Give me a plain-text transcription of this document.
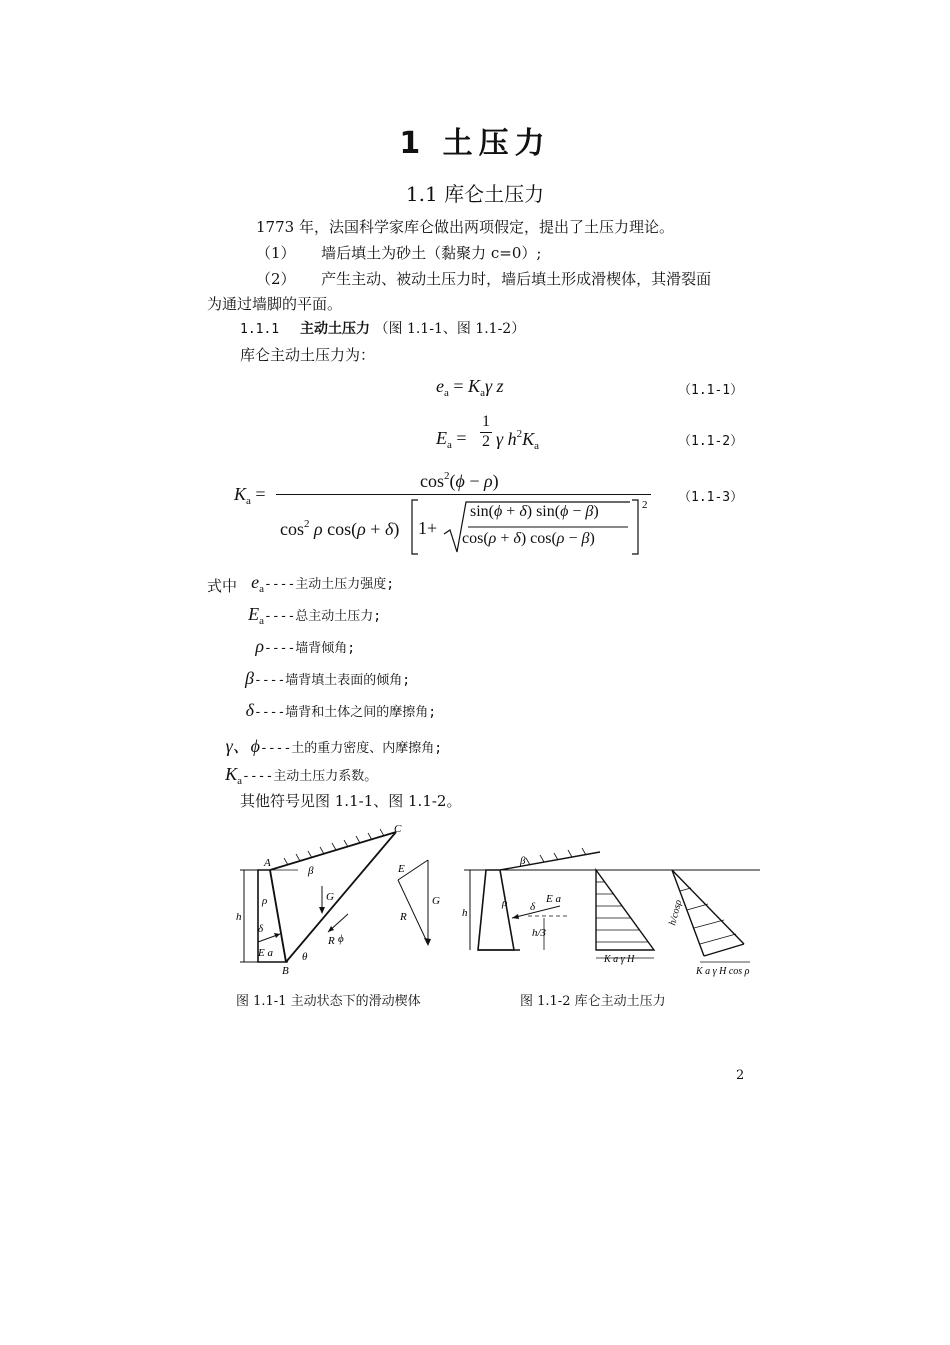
1 土压力
1.1 库仑土压力
1773 年，法国科学家库仑做出两项假定，提出了土压力理论。
（1） 墙后填土为砂土（黏聚力 c=0）;
（2） 产生主动、被动土压力时，墙后填土形成滑楔体，其滑裂面
为通过墙脚的平面。
1.1.1 主动土压力 （图 1.1-1、图 1.1-2）
库仑主动土压力为：
$e_a = K_a\gamma$ z	（1.1-1）
$E_a$ =
1
2 γ $h^2K_a$	（1.1-2）
$K_a$ =
$\cos^2(\phi - \rho)$
$\cos^2 \rho$ cos(ρ + δ)
2
1+
sin(ϕ + δ) sin(ϕ − β)
cos(ρ + δ) cos(ρ − β)
（1.1-3）
式中 $e_a----$主动土压力强度;
$E_a----$总主动土压力;
ρ----墙背倾角;
β----墙背填土表面的倾角;
δ----墙背和土体之间的摩擦角;
γ、ϕ----土的重力密度、内摩擦角;
$K_a----$主动土压力系数。
其他符号见图 1.1-1、图 1.1-2。
h
A
C
B
β
ρ
δ
E a
G
R ϕ
θ
E
G
R	h
β
ρ δ
E a
h/3
K a γ H
h/cosρ
K a γ H cos ρ
图 1.1-1 主动状态下的滑动楔体	图 1.1-2 库仑主动土压力
2
